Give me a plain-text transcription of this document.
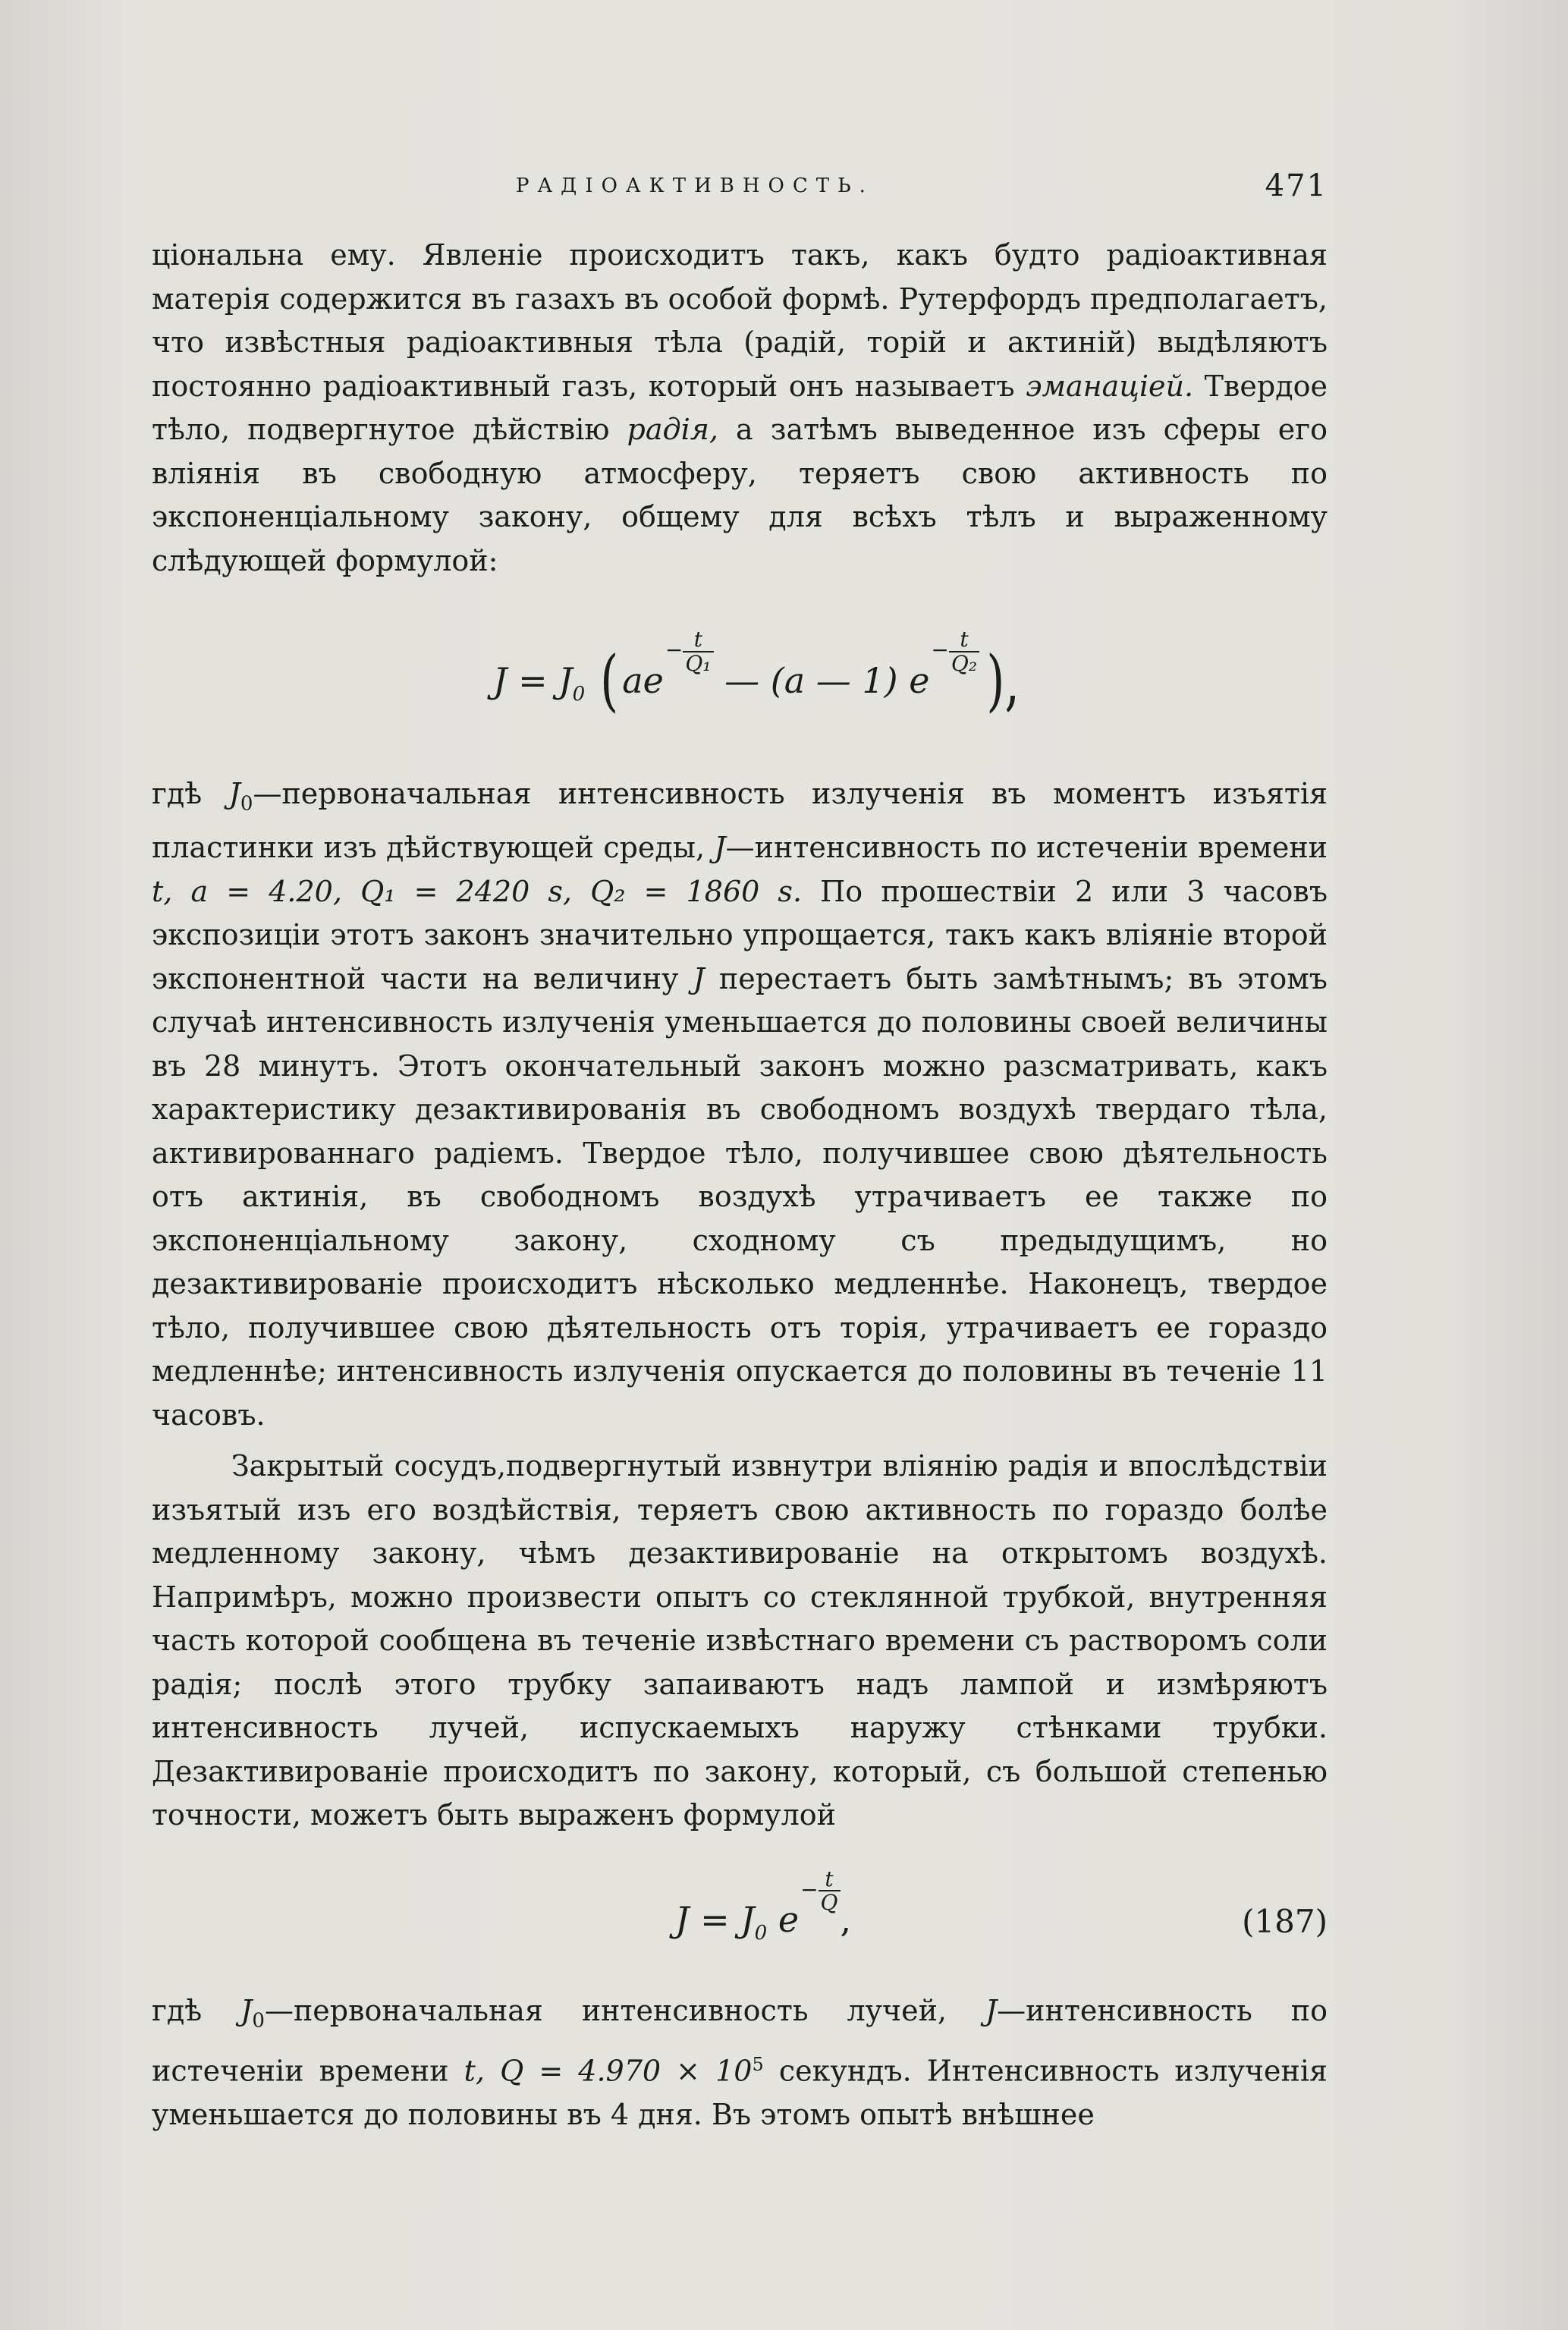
РАДІОАКТИВНОСТЬ.	471

ціональна ему. Явленіе происходитъ такъ, какъ будто радіоактивная матерія содержится въ газахъ въ особой формѣ. Рутерфордъ предполагаетъ, что извѣстныя радіоактивныя тѣла (радій, торій и актиній) выдѣляютъ постоянно радіоактивный газъ, который онъ называетъ эманаціей. Твердое тѣло, подвергнутое дѣйствію радія, а затѣмъ выведенное изъ сферы его вліянія въ свободную атмосферу, теряетъ свою активность по экспоненціальному закону, общему для всѣхъ тѣлъ и выраженному слѣдующей формулой:

$J = J_0$ ( $ae- \frac{t}{\text{Q₁}}$
— (a — 1) $e- \frac{t}{\text{Q₂}}$ ),

гдѣ $J_0—первоначальная$ интенсивность излученія въ моментъ изъятія пластинки изъ дѣйствующей среды, J—интенсивность по истеченіи времени t, a = 4.20, Q₁ = 2420 s, Q₂ = 1860 s. По прошествіи 2 или 3 часовъ экспозиціи этотъ законъ значительно упрощается, такъ какъ вліяніе второй экспонентной части на величину J перестаетъ быть замѣтнымъ; въ этомъ случаѣ интенсивность излученія уменьшается до половины своей величины въ 28 минутъ. Этотъ окончательный законъ можно разсматривать, какъ характеристику дезактивированія въ свободномъ воздухѣ твердаго тѣла, активированнаго радіемъ. Твердое тѣло, получившее свою дѣятельность отъ актинія, въ свободномъ воздухѣ утрачиваетъ ее также по экспоненціальному закону, сходному съ предыдущимъ, но дезактивированіе происходитъ нѣсколько медленнѣе. Наконецъ, твердое тѣло, получившее свою дѣятельность отъ торія, утрачиваетъ ее гораздо медленнѣе; интенсивность излученія опускается до половины въ теченіе 11 часовъ.

Закрытый сосудъ,подвергнутый извнутри вліянію радія и впослѣдствіи изъятый изъ его воздѣйствія, теряетъ свою активность по гораздо болѣе медленному закону, чѣмъ дезактивированіе на открытомъ воздухѣ. Напримѣръ, можно произвести опытъ со стеклянной трубкой, внутренняя часть которой сообщена въ теченіе извѣстнаго времени съ растворомъ соли радія; послѣ этого трубку запаиваютъ надъ лампой и измѣряютъ интенсивность лучей, испускаемыхъ наружу стѣнками трубки. Дезактивированіе происходитъ по закону, который, съ большой степенью точности, можетъ быть выраженъ формулой

$J = J_0$ $e- \frac{t}{Q}$
,	(187)

гдѣ $J_0—первоначальная$ интенсивность лучей, J—интенсивность по истеченіи времени t, $Q = 4.970 \times 10^5$ секундъ. Интенсивность излученія уменьшается до половины въ 4 дня. Въ этомъ опытѣ внѣшнее
